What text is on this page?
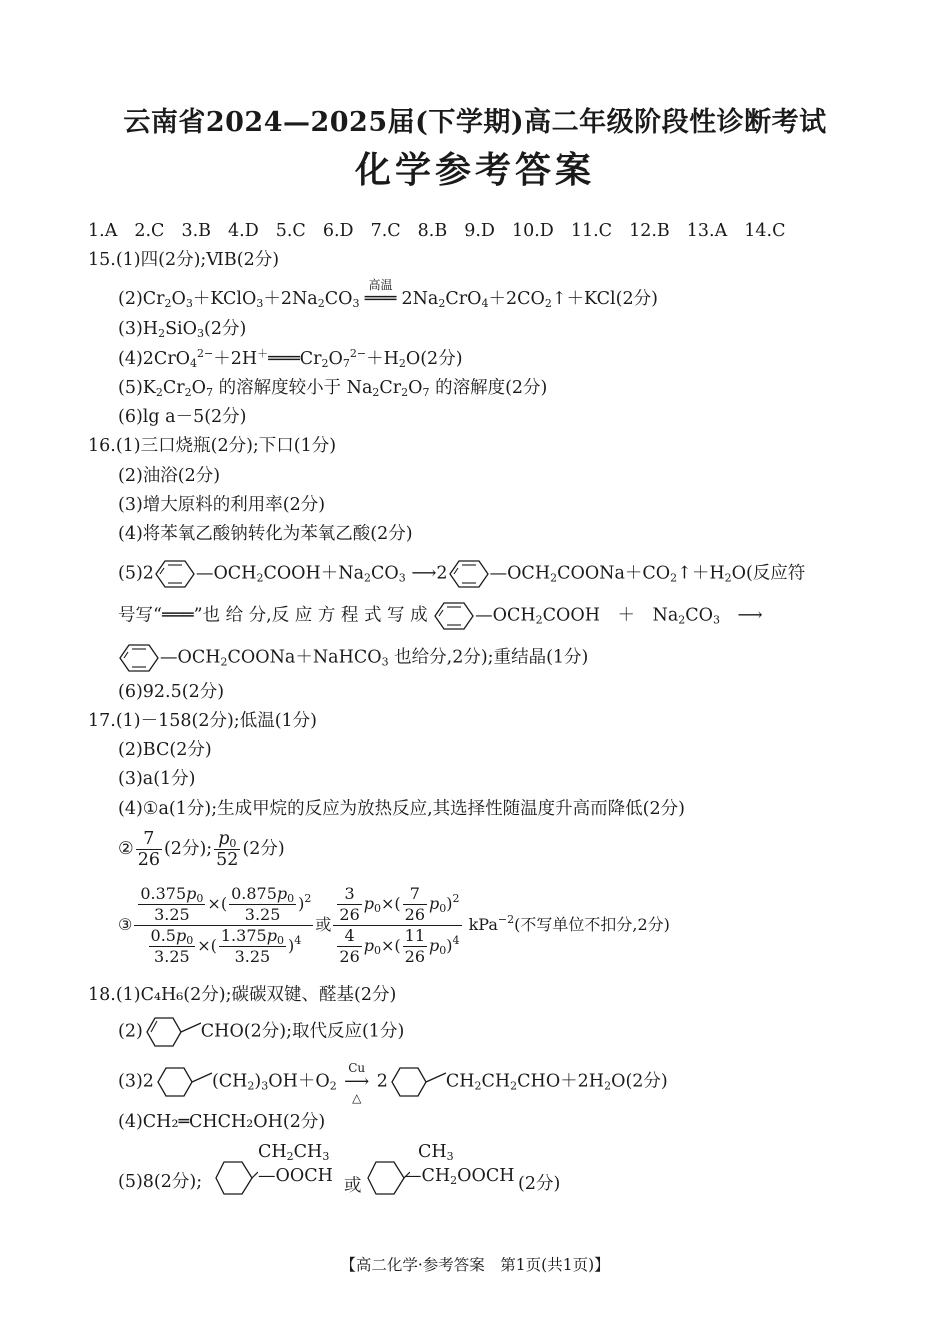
云南省2024—2025届(下学期)高二年级阶段性诊断考试
化学参考答案
1.A 2.C 3.B 4.D 5.C 6.D 7.C 8.B 9.D 10.D 11.C 12.B 13.A 14.C
15.(1)四(2分);ⅥB(2分)
$(2)Cr_2O_3+KClO_3+2Na_2CO_3$
高温
═══ $2Na_2CrO_4+2CO_2↑+KCl(2$分)
$(3)H_2SiO_3(2$分)
$(4)2CrO_4^{2-}+2H^+═══Cr_2O_7^{2-}+H_2O(2$分)
$(5)K_2Cr_2O_7$ 的溶解度较小于 $Na_2Cr_2O_7$ 的溶解度(2分)
(6)lg a－5(2分)
16.(1)三口烧瓶(2分);下口(1分)
(2)油浴(2分)
(3)增大原料的利用率(2分)
(4)将苯氧乙酸钠转化为苯氧乙酸(2分)
(5)2 $—OCH_2COOH+Na_2CO_3$ ⟶2 $—OCH_2COONa+CO_2↑+H_2O$(反应符
号写“═══”也 给 分,反 应 方 程 式 写 成	$—OCH_2COOH$　＋　$Na_2CO_3$　⟶
$—OCH_2COONa+NaHCO_3$ 也给分,2分);重结晶(1分)
(6)92.5(2分)
17.(1)－158(2分);低温(1分)
(2)BC(2分)
(3)a(1分)
(4)①a(1分);生成甲烷的反应为放热反应,其选择性随温度升高而降低(2分)
② $\frac{7}{26} (2$分); $\frac{p_0}{52} (2$分)
③ $\frac{\frac{0.375p_0}{3.25} \times( \frac{0.875p_0}{3.25} )^2}{\frac{0.5p_0}{3.25} \times( \frac{1.375p_0}{3.25} )^4}$ 或 $\frac{\frac{3}{26} p_0\times( \frac{7}{26} p_0)^2}{\frac{4}{26} p_0\times( \frac{11}{26} p_0)^4} kPa^{-2}$(不写单位不扣分,2分)
18.(1)C₄H₆(2分);碳碳双键、醛基(2分)
(2)	CHO(2分);取代反应(1分)
(3)2	$(CH_2)_3OH+O_2$
Cu
⟶
△
2	$CH_2CH_2CHO+2H_2O(2$分)
(4)CH₂═CHCH₂OH(2分)
(5)8(2分);
$CH_2CH_3$
—OOCH 或
$CH_3$
$—CH_2OOCH$ (2分)
【高二化学·参考答案　第1页(共1页)】
